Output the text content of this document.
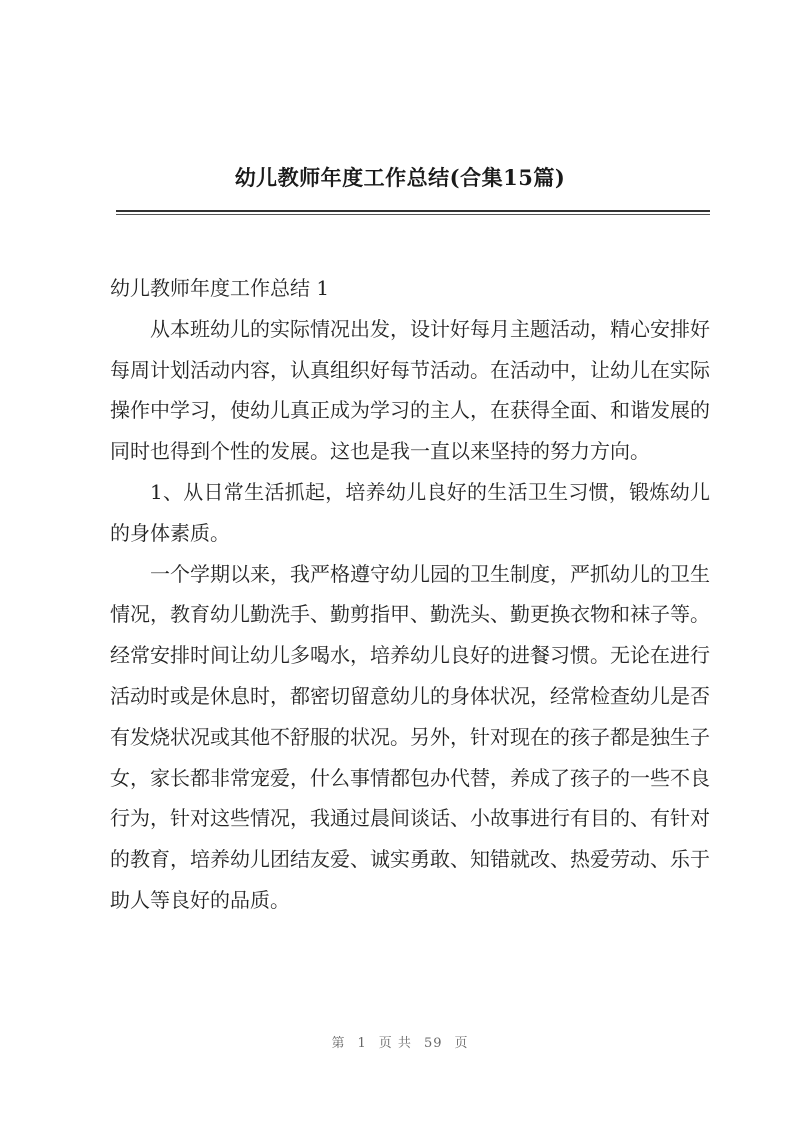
幼儿教师年度工作总结(合集15篇)

幼儿教师年度工作总结 1

从本班幼儿的实际情况出发，设计好每月主题活动，精心安排好每周计划活动内容，认真组织好每节活动。在活动中，让幼儿在实际操作中学习，使幼儿真正成为学习的主人，在获得全面、和谐发展的同时也得到个性的发展。这也是我一直以来坚持的努力方向。

1、从日常生活抓起，培养幼儿良好的生活卫生习惯，锻炼幼儿的身体素质。

一个学期以来，我严格遵守幼儿园的卫生制度，严抓幼儿的卫生情况，教育幼儿勤洗手、勤剪指甲、勤洗头、勤更换衣物和袜子等。经常安排时间让幼儿多喝水，培养幼儿良好的进餐习惯。无论在进行活动时或是休息时，都密切留意幼儿的身体状况，经常检查幼儿是否有发烧状况或其他不舒服的状况。另外，针对现在的孩子都是独生子女，家长都非常宠爱，什么事情都包办代替，养成了孩子的一些不良行为，针对这些情况，我通过晨间谈话、小故事进行有目的、有针对的教育，培养幼儿团结友爱、诚实勇敢、知错就改、热爱劳动、乐于助人等良好的品质。

第 1 页 共 59 页
